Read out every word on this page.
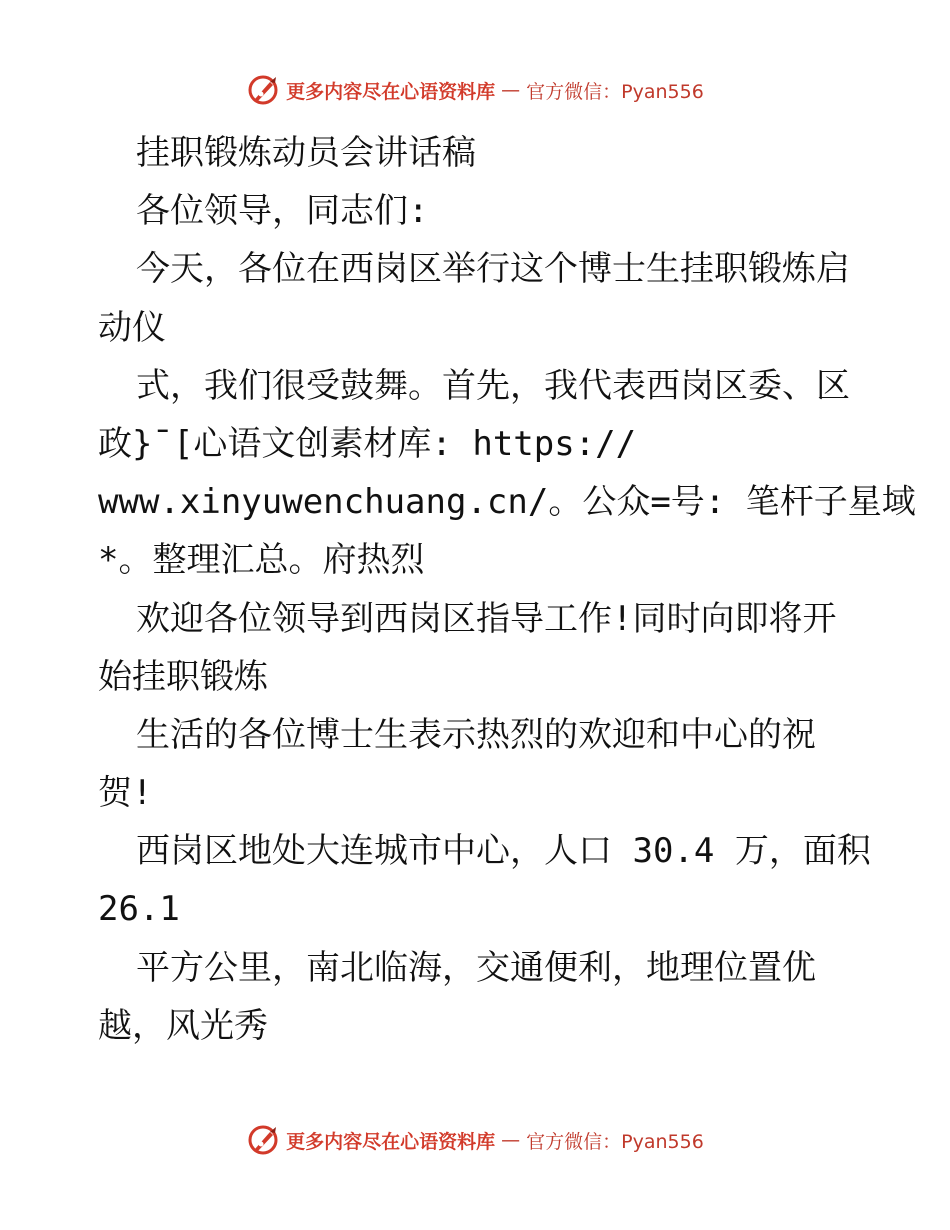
更多内容尽在心语资料库 — 官方微信：Pyan556
挂职锻炼动员会讲话稿
各位领导，同志们:
今天，各位在西岗区举行这个博士生挂职锻炼启
动仪
式，我们很受鼓舞。首先，我代表西岗区委、区
政}¯[心语文创素材库: https://
www.xinyuwenchuang.cn/。公众=号: 笔杆子星域
*。整理汇总。府热烈
欢迎各位领导到西岗区指导工作!同时向即将开
始挂职锻炼
生活的各位博士生表示热烈的欢迎和中心的祝
贺!
西岗区地处大连城市中心，人口 30.4 万，面积
26.1
平方公里，南北临海，交通便利，地理位置优
越，风光秀
更多内容尽在心语资料库 — 官方微信：Pyan556
